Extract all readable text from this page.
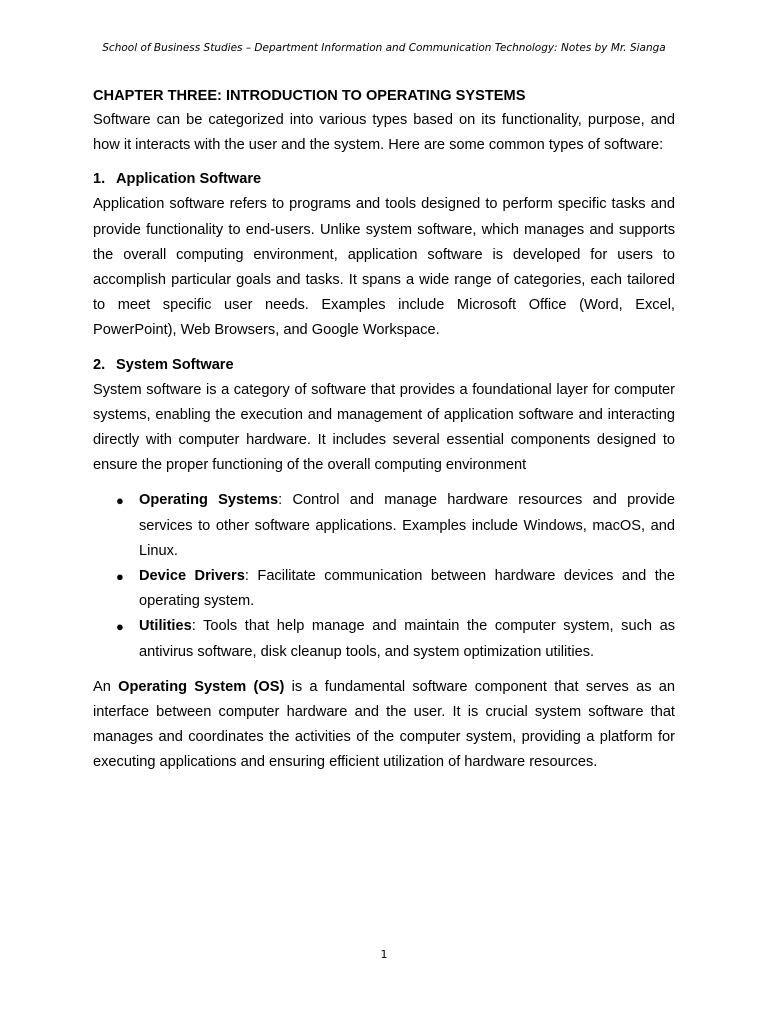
School of Business Studies – Department Information and Communication Technology: Notes by Mr. Sianga

CHAPTER THREE: INTRODUCTION TO OPERATING SYSTEMS

Software can be categorized into various types based on its functionality, purpose, and how it interacts with the user and the system. Here are some common types of software:

1. Application Software

Application software refers to programs and tools designed to perform specific tasks and provide functionality to end-users. Unlike system software, which manages and supports the overall computing environment, application software is developed for users to accomplish particular goals and tasks. It spans a wide range of categories, each tailored to meet specific user needs. Examples include Microsoft Office (Word, Excel, PowerPoint), Web Browsers, and Google Workspace.

2. System Software

System software is a category of software that provides a foundational layer for computer systems, enabling the execution and management of application software and interacting directly with computer hardware. It includes several essential components designed to ensure the proper functioning of the overall computing environment

● Operating Systems: Control and manage hardware resources and provide services to other software applications. Examples include Windows, macOS, and Linux.
● Device Drivers: Facilitate communication between hardware devices and the operating system.
● Utilities: Tools that help manage and maintain the computer system, such as antivirus software, disk cleanup tools, and system optimization utilities.

An Operating System (OS) is a fundamental software component that serves as an interface between computer hardware and the user. It is crucial system software that manages and coordinates the activities of the computer system, providing a platform for executing applications and ensuring efficient utilization of hardware resources.

1
